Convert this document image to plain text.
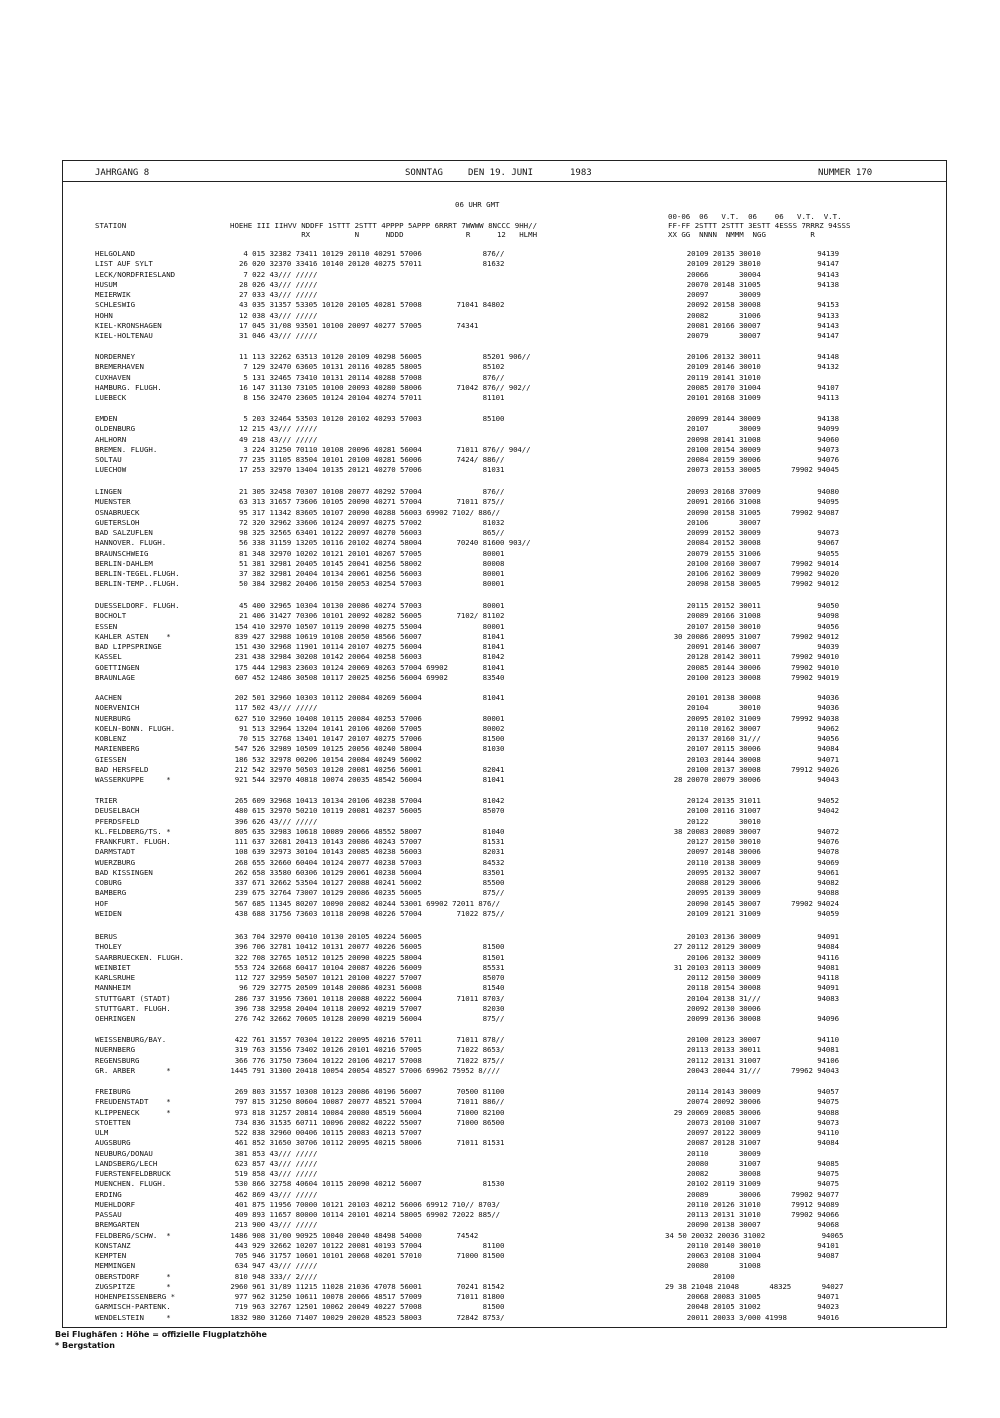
JAHRGANG 8	SONNTAG	DEN 19. JUNI	1983	NUMMER 170
06 UHR GMT
STATION	HOEHE III IIHVV NDDFF 1STTT 2STTT 4PPPP 5APPP 6RRRT 7WWWW 8NCCC 9HH//
RX          N      NDDD              R      12   HLMH
00-06  06   V.T.  06    06   V.T.  V.T.
FF-FF 2STTT 2STTT 3ESTT 4ESSS 7RRRZ 94SSS
XX GG  NNNN  NMMM  NGG          R
HELGOLAND	4 015 32382 73411 10129 20110 40291 57006              876//	20109 20135 30010             94139
LIST AUF SYLT	26 020 32370 33416 10140 20120 40275 57011              81632	20109 20129 38010             94147
LECK/NORDFRIESLAND	7 022 43/// /////	20066       30004             94143
HUSUM	28 026 43/// /////	20070 20148 31005             94138
MEIERWIK	27 033 43/// /////	20097       30009
SCHLESWIG	43 035 31357 53305 10120 20105 40281 57008        71041 84802	20092 20158 30008             94153
HOHN	12 038 43/// /////	20082       31006             94133
KIEL-KRONSHAGEN	17 045 31/08 93501 10100 20097 40277 57005        74341	20081 20166 30007             94143
KIEL-HOLTENAU	31 046 43/// /////	20079       30007             94147
NORDERNEY	11 113 32262 63513 10120 20109 40298 56005              85201 906//	20106 20132 30011             94148
BREMERHAVEN	7 129 32470 63605 10131 20116 40285 58005              85102	20109 20146 30010             94132
CUXHAVEN	5 131 32465 73410 10131 20114 40288 57008              876//	20119 20141 31010
HAMBURG. FLUGH.	16 147 31130 73105 10100 20093 40280 58006        71042 876// 902//	20085 20170 31004             94107
LUEBECK	8 156 32470 23605 10124 20104 40274 57011              81101	20101 20168 31009             94113
EMDEN	5 203 32464 53503 10120 20102 40293 57003              85100	20099 20144 30009             94138
OLDENBURG	12 215 43/// /////	20107       30009             94099
AHLHORN	49 218 43/// /////	20098 20141 31008             94060
BREMEN. FLUGH.	3 224 31250 70110 10108 20096 40281 56004        71011 876// 904//	20100 20154 30009             94073
SOLTAU	77 235 31105 83504 10101 20100 40281 56006        7424/ 886//	20084 20159 30006             94076
LUECHOW	17 253 32970 13404 10135 20121 40270 57006              81031	20073 20153 30005       79902 94045
LINGEN	21 305 32458 70307 10108 20077 40292 57004              876//	20093 20168 37009             94080
MUENSTER	63 313 31657 73606 10105 20090 40271 57004        71011 875//	20091 20166 31008             94095
OSNABRUECK	95 317 11342 83605 10107 20090 40288 56003 69902 7102/ 886//	20090 20158 31005       79902 94087
GUETERSLOH	72 320 32962 33606 10124 20097 40275 57002              81032	20106       30007
BAD SALZUFLEN	98 325 32565 63401 10122 20097 40270 56003              865//	20099 20152 30009             94073
HANNOVER. FLUGH.	56 338 31159 13205 10116 20102 40274 58004        70240 81600 903//	20084 20152 30008             94067
BRAUNSCHWEIG	81 348 32970 10202 10121 20101 40267 57005              80001	20079 20155 31006             94055
BERLIN-DAHLEM	51 381 32981 20405 10145 20041 40256 58002              80008	20100 20160 30007       79902 94014
BERLIN-TEGEL.FLUGH.	37 382 32981 20404 10134 20061 40256 56003              80001	20106 20162 30009       79902 94020
BERLIN-TEMP..FLUGH.	50 384 32982 20406 10150 20053 40254 57003              80001	20098 20158 30005       79902 94012
DUESSELDORF. FLUGH.	45 400 32965 10304 10130 20086 40274 57003              80001	20115 20152 30011             94050
BOCHOLT	21 406 31427 70306 10101 20092 40282 56005        7102/ 81102	20089 20166 31008             94098
ESSEN	154 410 32970 10507 10119 20090 40275 55004              80001	20107 20150 30010             94056
KAHLER ASTEN    *	839 427 32988 10619 10108 20050 48566 56007              81041	30 20086 20095 31007       79902 94012
BAD LIPPSPRINGE	151 430 32968 11901 10114 20107 40275 56004              81041	20091 20146 30007             94039
KASSEL	231 438 32984 30208 10142 20064 40258 56003              81042	20128 20142 30011       79902 94010
GOETTINGEN	175 444 12983 23603 10124 20069 40263 57004 69902        81041	20085 20144 30006       79902 94010
BRAUNLAGE	607 452 12486 30508 10117 20025 40256 56004 69902        83540	20100 20123 30008       79902 94019
AACHEN	202 501 32960 10303 10112 20084 40269 56004              81041	20101 20138 30008             94036
NOERVENICH	117 502 43/// /////	20104       30010             94036
NUERBURG	627 510 32960 10408 10115 20084 40253 57006              80001	20095 20102 31009       79992 94038
KOELN-BONN. FLUGH.	91 513 32964 13204 10141 20106 40260 57005              80002	20110 20162 30007             94062
KOBLENZ	70 515 32768 13401 10147 20107 40275 57006              81500	20137 20160 31///             94056
MARIENBERG	547 526 32989 10509 10125 20056 40240 58004              81030	20107 20115 30006             94084
GIESSEN	186 532 32978 00206 10154 20084 40249 56002	20103 20144 30008             94071
BAD HERSFELD	212 542 32970 50503 10120 20081 40256 56001              82041	20100 20137 30008       79912 94026
WASSERKUPPE     *	921 544 32970 40818 10074 20035 48542 56004              81041	28 20070 20079 30006             94043
TRIER	265 609 32968 10413 10134 20106 40238 57004              81042	20124 20135 31011             94052
DEUSELBACH	480 615 32970 50210 10119 20081 40237 56005              85070	20100 20116 31007             94042
PFERDSFELD	396 626 43/// /////	20122       30010
KL.FELDBERG/TS. *	805 635 32983 10618 10089 20066 48552 58007              81040	38 20083 20089 30007             94072
FRANKFURT. FLUGH.	111 637 32681 20413 10143 20086 40243 57007              81531	20127 20150 30010             94076
DARMSTADT	108 639 32973 30104 10143 20085 40238 56003              82031	20097 20148 30006             94078
WUERZBURG	268 655 32660 60404 10124 20077 40238 57003              84532	20110 20138 30009             94069
BAD KISSINGEN	262 658 33580 60306 10129 20061 40238 56004              83501	20095 20132 30007             94061
COBURG	337 671 32662 53504 10127 20088 40241 56002              85500	20088 20129 30006             94082
BAMBERG	239 675 32764 73007 10129 20086 40235 56005              875//	20095 20139 30009             94088
HOF	567 685 11345 80207 10090 20082 40244 53001 69902 72011 876//	20090 20145 30007       79902 94024
WEIDEN	438 688 31756 73603 10118 20098 40226 57004        71022 875//	20109 20121 31009             94059
BERUS	363 704 32970 00410 10130 20105 40224 56005	20103 20136 30009             94091
THOLEY	396 706 32781 10412 10131 20077 40226 56005              81500	27 20112 20129 30009             94084
SAARBRUECKEN. FLUGH.	322 708 32765 10512 10125 20090 40225 58004              81501	20106 20132 30009             94116
WEINBIET	553 724 32668 60417 10104 20087 40226 56009              85531	31 20103 20113 30009             94081
KARLSRUHE	112 727 32959 50507 10121 20100 40227 57007              85070	20112 20150 30009             94118
MANNHEIM	96 729 32775 20509 10148 20086 40231 56008              81540	20118 20154 30008             94091
STUTTGART (STADT)	286 737 31956 73601 10118 20088 40222 56004        71011 8703/	20104 20138 31///             94083
STUTTGART. FLUGH.	396 738 32958 20404 10118 20092 40219 57007              82030	20092 20130 30006
OEHRINGEN	276 742 32662 70605 10128 20090 40219 56004              875//	20099 20136 30008             94096
WEISSENBURG/BAY.	422 761 31557 70304 10122 20095 40216 57011        71011 878//	20100 20123 30007             94110
NUERNBERG	319 763 31556 73402 10126 20101 40216 57005        71022 8653/	20113 20133 30011             94081
REGENSBURG	366 776 31750 73604 10122 20106 40217 57008        71022 875//	20112 20131 31007             94106
GR. ARBER       *	1445 791 31300 20418 10054 20054 48527 57006 69962 75952 8////	20043 20044 31///       79962 94043
FREIBURG	269 803 31557 10308 10123 20086 40196 56007        70500 81100	20114 20143 30009             94057
FREUDENSTADT    *	797 815 31250 80604 10087 20077 48521 57004        71011 886//	20074 20092 30006             94075
KLIPPENECK      *	973 818 31257 20814 10084 20080 48519 56004        71000 82100	29 20069 20085 30006             94088
STOETTEN	734 836 31535 60711 10096 20082 40222 55007        71000 86500	20073 20100 31007             94073
ULM	522 838 32960 00406 10115 20083 40213 57007	20097 20122 30009             94110
AUGSBURG	461 852 31650 30706 10112 20095 40215 58006        71011 81531	20087 20128 31007             94084
NEUBURG/DONAU	381 853 43/// /////	20110       30009
LANDSBERG/LECH	623 857 43/// /////	20080       31007             94085
FUERSTENFELDBRUCK	519 858 43/// /////	20082       30008             94075
MUENCHEN. FLUGH.	530 866 32758 40604 10115 20090 40212 56007              81530	20102 20119 31009             94075
ERDING	462 869 43/// /////	20089       30006       79902 94077
MUEHLDORF	401 875 11956 70000 10121 20103 40212 56006 69912 710// 8703/	20110 20126 31010       79912 94089
PASSAU	409 893 11657 80000 10114 20101 40214 58005 69902 72022 885//	20113 20131 31010       79902 94066
BREMGARTEN	213 900 43/// /////	20090 20138 30007             94068
FELDBERG/SCHW.  *	1486 908 31/00 90925 10040 20040 48498 54000        74542	34 50 20032 20036 31002             94065
KONSTANZ	443 929 32662 10207 10122 20081 40193 57004              81100	20110 20140 30010             94101
KEMPTEN	705 946 31757 10601 10101 20068 40201 57010        71000 81500	20063 20108 31004             94087
MEMMINGEN	634 947 43/// /////	20080       31008
OBERSTDORF      *	810 948 333// 2////	20100
ZUGSPITZE       *	2960 961 31/89 11215 11028 21036 47078 56001        70241 81542	29 38 21048 21048       48325       94027
HOHENPEISSENBERG *	977 962 31250 10611 10078 20066 48517 57009        71011 81800	20068 20083 31005             94071
GARMISCH-PARTENK.	719 963 32767 12501 10062 20049 40227 57008              81500	20048 20105 31002             94023
WENDELSTEIN     *	1832 980 31260 71407 10029 20020 48523 58003        72842 8753/	20011 20033 3/000 41998       94016
Bei Flughäfen : Höhe = offizielle Flugplatzhöhe
* Bergstation
